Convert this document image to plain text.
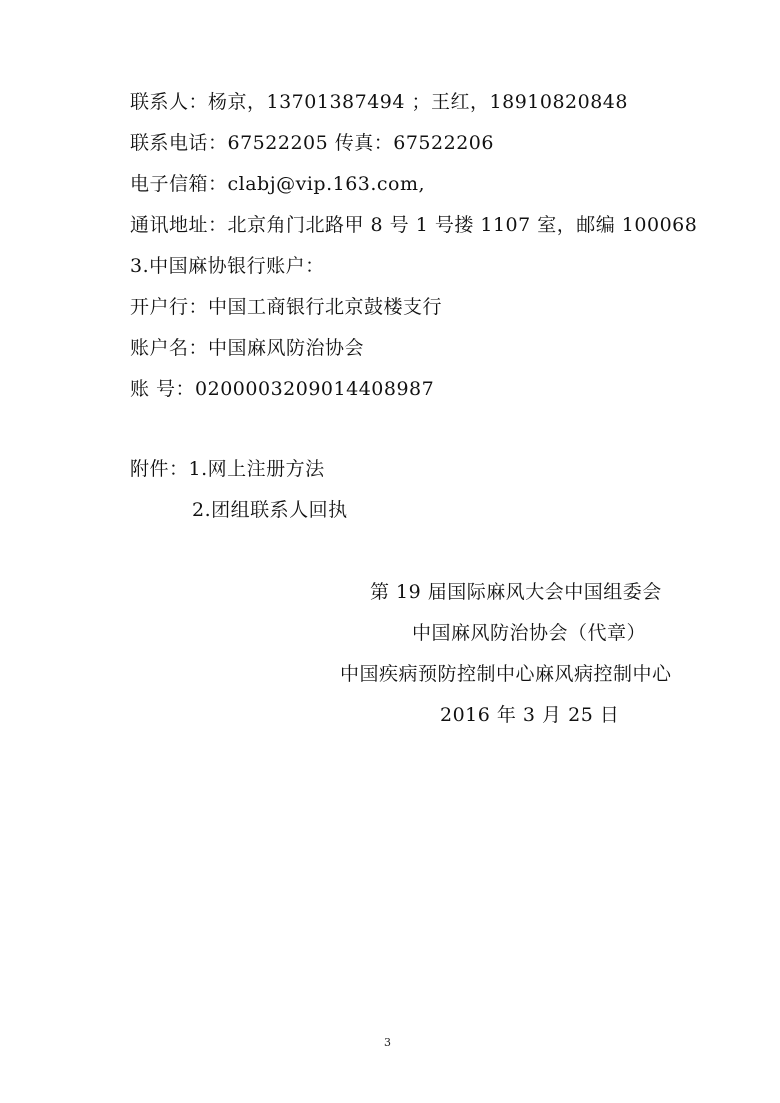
联系人：杨京，13701387494 ；王红，18910820848
联系电话：67522205 传真：67522206
电子信箱：clabj@vip.163.com,
通讯地址：北京角门北路甲 8 号 1 号搂 1107 室，邮编 100068
3.中国麻协银行账户：
开户行：中国工商银行北京鼓楼支行
账户名：中国麻风防治协会
账 号：0200003209014408987
附件：1.网上注册方法
2.团组联系人回执
第 19 届国际麻风大会中国组委会
中国麻风防治协会（代章）
中国疾病预防控制中心麻风病控制中心
2016 年 3 月 25 日
3
